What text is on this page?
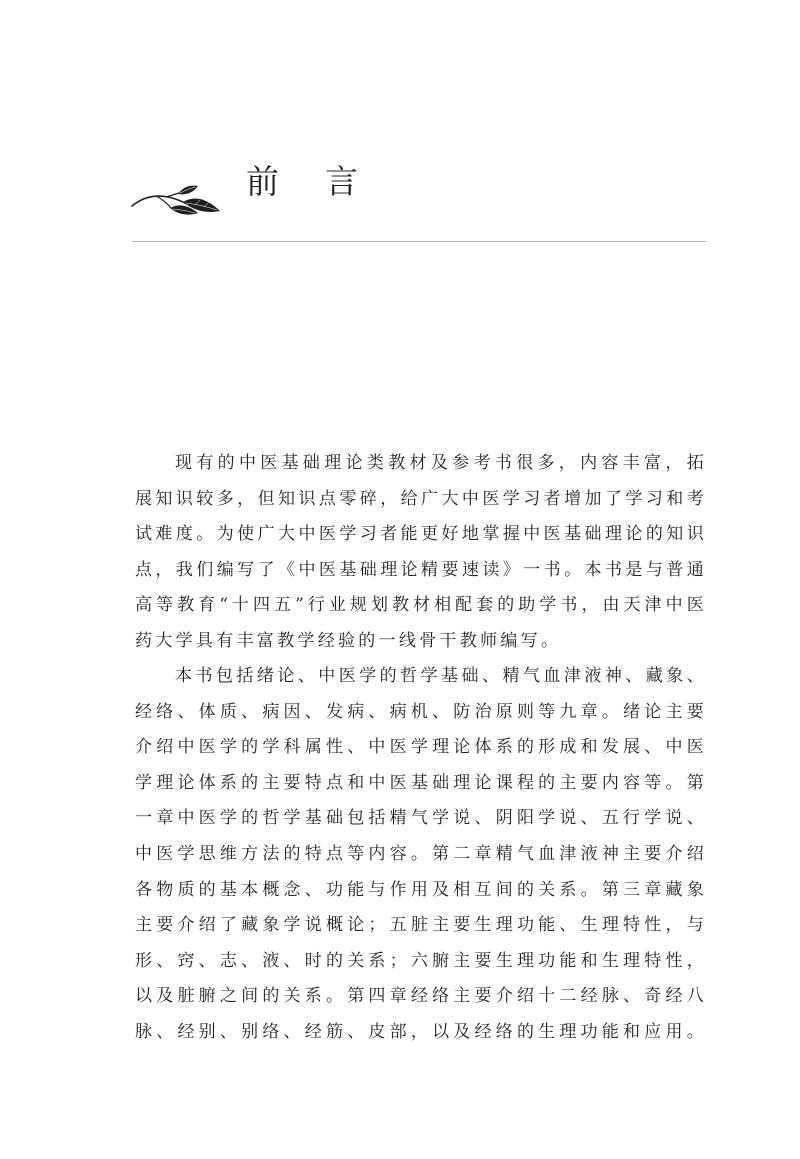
前 言
现有的中医基础理论类教材及参考书很多，内容丰富，拓
展知识较多，但知识点零碎，给广大中医学习者增加了学习和考
试难度。为使广大中医学习者能更好地掌握中医基础理论的知识
点，我们编写了《中医基础理论精要速读》一书。本书是与普通
高等教育“十四五”行业规划教材相配套的助学书，由天津中医
药大学具有丰富教学经验的一线骨干教师编写。
本书包括绪论、中医学的哲学基础、精气血津液神、藏象、
经络、体质、病因、发病、病机、防治原则等九章。绪论主要
介绍中医学的学科属性、中医学理论体系的形成和发展、中医
学理论体系的主要特点和中医基础理论课程的主要内容等。第
一章中医学的哲学基础包括精气学说、阴阳学说、五行学说、
中医学思维方法的特点等内容。第二章精气血津液神主要介绍
各物质的基本概念、功能与作用及相互间的关系。第三章藏象
主要介绍了藏象学说概论；五脏主要生理功能、生理特性，与
形、窍、志、液、时的关系；六腑主要生理功能和生理特性，
以及脏腑之间的关系。第四章经络主要介绍十二经脉、奇经八
脉、经别、别络、经筋、皮部，以及经络的生理功能和应用。
